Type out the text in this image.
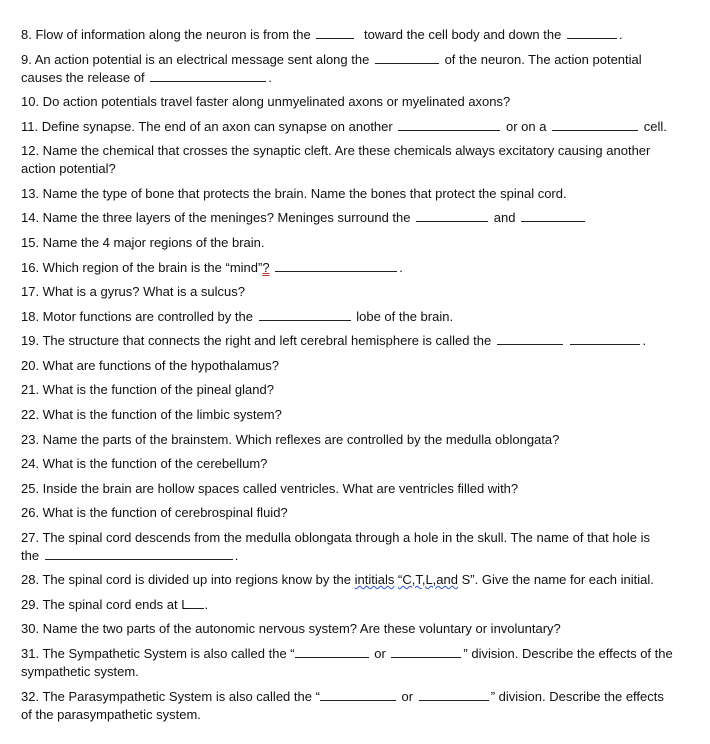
8. Flow of information along the neuron is from the	toward the cell body and down the	.
9. An action potential is an electrical message sent along the	of the neuron. The action potential
causes the release of	.
10. Do action potentials travel faster along unmyelinated axons or myelinated axons?
11. Define synapse. The end of an axon can synapse on another	or on a	cell.
12. Name the chemical that crosses the synaptic cleft. Are these chemicals always excitatory causing another
action potential?
13. Name the type of bone that protects the brain. Name the bones that protect the spinal cord.
14. Name the three layers of the meninges? Meninges surround the	and
15. Name the 4 major regions of the brain.
16. Which region of the brain is the “mind”?	.
17. What is a gyrus? What is a sulcus?
18. Motor functions are controlled by the	lobe of the brain.
19. The structure that connects the right and left cerebral hemisphere is called the	.
20. What are functions of the hypothalamus?
21. What is the function of the pineal gland?
22. What is the function of the limbic system?
23. Name the parts of the brainstem. Which reflexes are controlled by the medulla oblongata?
24. What is the function of the cerebellum?
25. Inside the brain are hollow spaces called ventricles. What are ventricles filled with?
26. What is the function of cerebrospinal fluid?
27. The spinal cord descends from the medulla oblongata through a hole in the skull. The name of that hole is
the	.
28. The spinal cord is divided up into regions know by the intitials “C,T,L,and S”. Give the name for each initial.
29. The spinal cord ends at L .
30. Name the two parts of the autonomic nervous system? Are these voluntary or involuntary?
31. The Sympathetic System is also called the “	or	” division. Describe the effects of the
sympathetic system.
32. The Parasympathetic System is also called the “	or	” division. Describe the effects
of the parasympathetic system.
